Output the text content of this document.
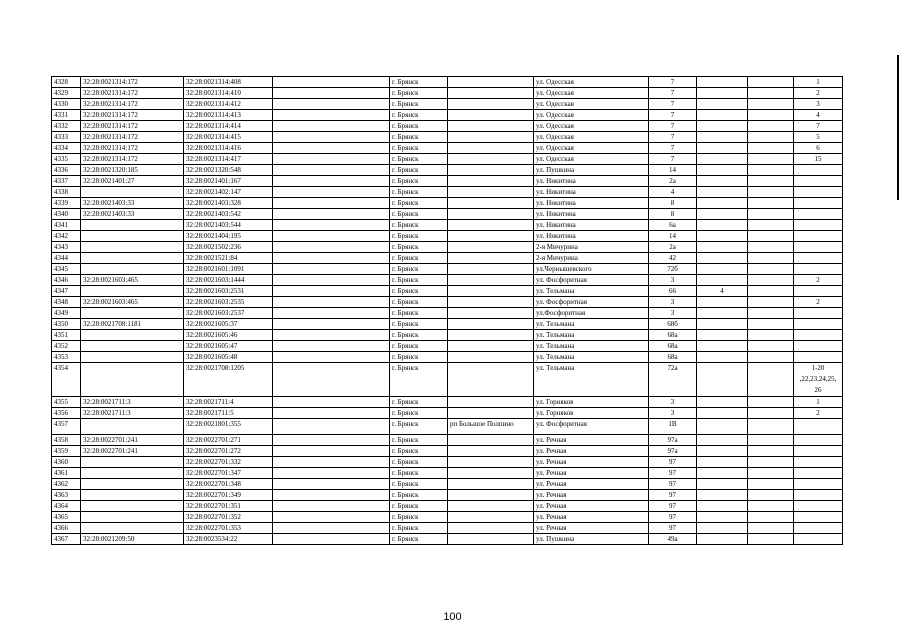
4328	32:28:0021314:172	32:28:0021314:408		г. Брянск		ул. Одесская	7			1
4329	32:28:0021314:172	32:28:0021314:410		г. Брянск		ул. Одесская	7			2
4330	32:28:0021314:172	32:28:0021314:412		г. Брянск		ул. Одесская	7			3
4331	32:28:0021314:172	32:28:0021314:413		г. Брянск		ул. Одесская	7			4
4332	32:28:0021314:172	32:28:0021314:414		г. Брянск		ул. Одесская	7			7
4333	32:28:0021314:172	32:28:0021314:415		г. Брянск		ул. Одесская	7			5
4334	32:28:0021314:172	32:28:0021314:416		г. Брянск		ул. Одесская	7			6
4335	32:28:0021314:172	32:28:0021314:417		г. Брянск		ул. Одесская	7			15
4336	32:28:0021320:185	32:28:0021320:548		г. Брянск		ул. Пушкина	14			
4337	32:28:0021401:27	32:28:0021401:167		г. Брянск		ул. Никитина	2а			
4338		32:28:0021402:147		г. Брянск		ул. Никитина	4			
4339	32:28:0021403:33	32:28:0021403:328		г. Брянск		ул. Никитина	8			
4340	32:28:0021403:33	32:28:0021403:542		г. Брянск		ул. Никитина	8			
4341		32:28:0021403:544		г. Брянск		ул. Никитина	6а			
4342		32:28:0021404:195		г. Брянск		ул. Никитина	14			
4343		32:28:0021502:236		г. Брянск		2-я Мичурина	2а			
4344		32:28:0021521:84		г. Брянск		2-я Мичурина	42			
4345		32:28:0021601:1091		г. Брянск		ул.Чернышевского	72б			
4346	32:28:0021603:465	32:28:0021603:1444		г. Брянск		ул. Фосфоритная	3			2
4347		32:28:0021603:2531		г. Брянск		ул. Тельмана	66	4		
4348	32:28:0021603:465	32:28:0021603:2535		г. Брянск		ул. Фосфоритная	3			2
4349		32:28:0021603:2537		г. Брянск		ул.Фосфоритная	3			
4350	32:28:0021708:1181	32:28:0021605:37		г. Брянск		ул. Тельмана	68б			
4351		32:28:0021605:46		г. Брянск		ул. Тельмана	68а			
4352		32:28:0021605:47		г. Брянск		ул. Тельмана	68а			
4353		32:28:0021605:48		г. Брянск		ул. Тельмана	68а			
4354		32:28:0021708:1205		г. Брянск		ул. Тельмана	72а			1-20 ,22,23,24,25, 26
4355	32:28:0021711:3	32:28:0021711:4		г. Брянск		ул. Горняков	3			1
4356	32:28:0021711:3	32:28:0021711:5		г. Брянск		ул. Горняков	3			2
4357		32:28:0021801:355		г. Брянск	рп Большое Полпино	ул. Фосфоритная	1В			
4358	32:28:0022701:241	32:28:0022701:271		г. Брянск		ул. Речная	97а			
4359	32:28:0022701:241	32:28:0022701:272		г. Брянск		ул. Речная	97а			
4360		32:28:0022701:332		г. Брянск		ул. Речная	97			
4361		32:28:0022701:347		г. Брянск		ул. Речная	97			
4362		32:28:0022701:348		г. Брянск		ул. Речная	97			
4363		32:28:0022701:349		г. Брянск		ул. Речная	97			
4364		32:28:0022701:351		г. Брянск		ул. Речная	97			
4365		32:28:0022701:352		г. Брянск		ул. Речная	97			
4366		32:28:0022701:353		г. Брянск		ул. Речная	97			
4367	32:28:0021209:50	32:28:0023534:22		г. Брянск		ул. Пушкина	49а			
100
